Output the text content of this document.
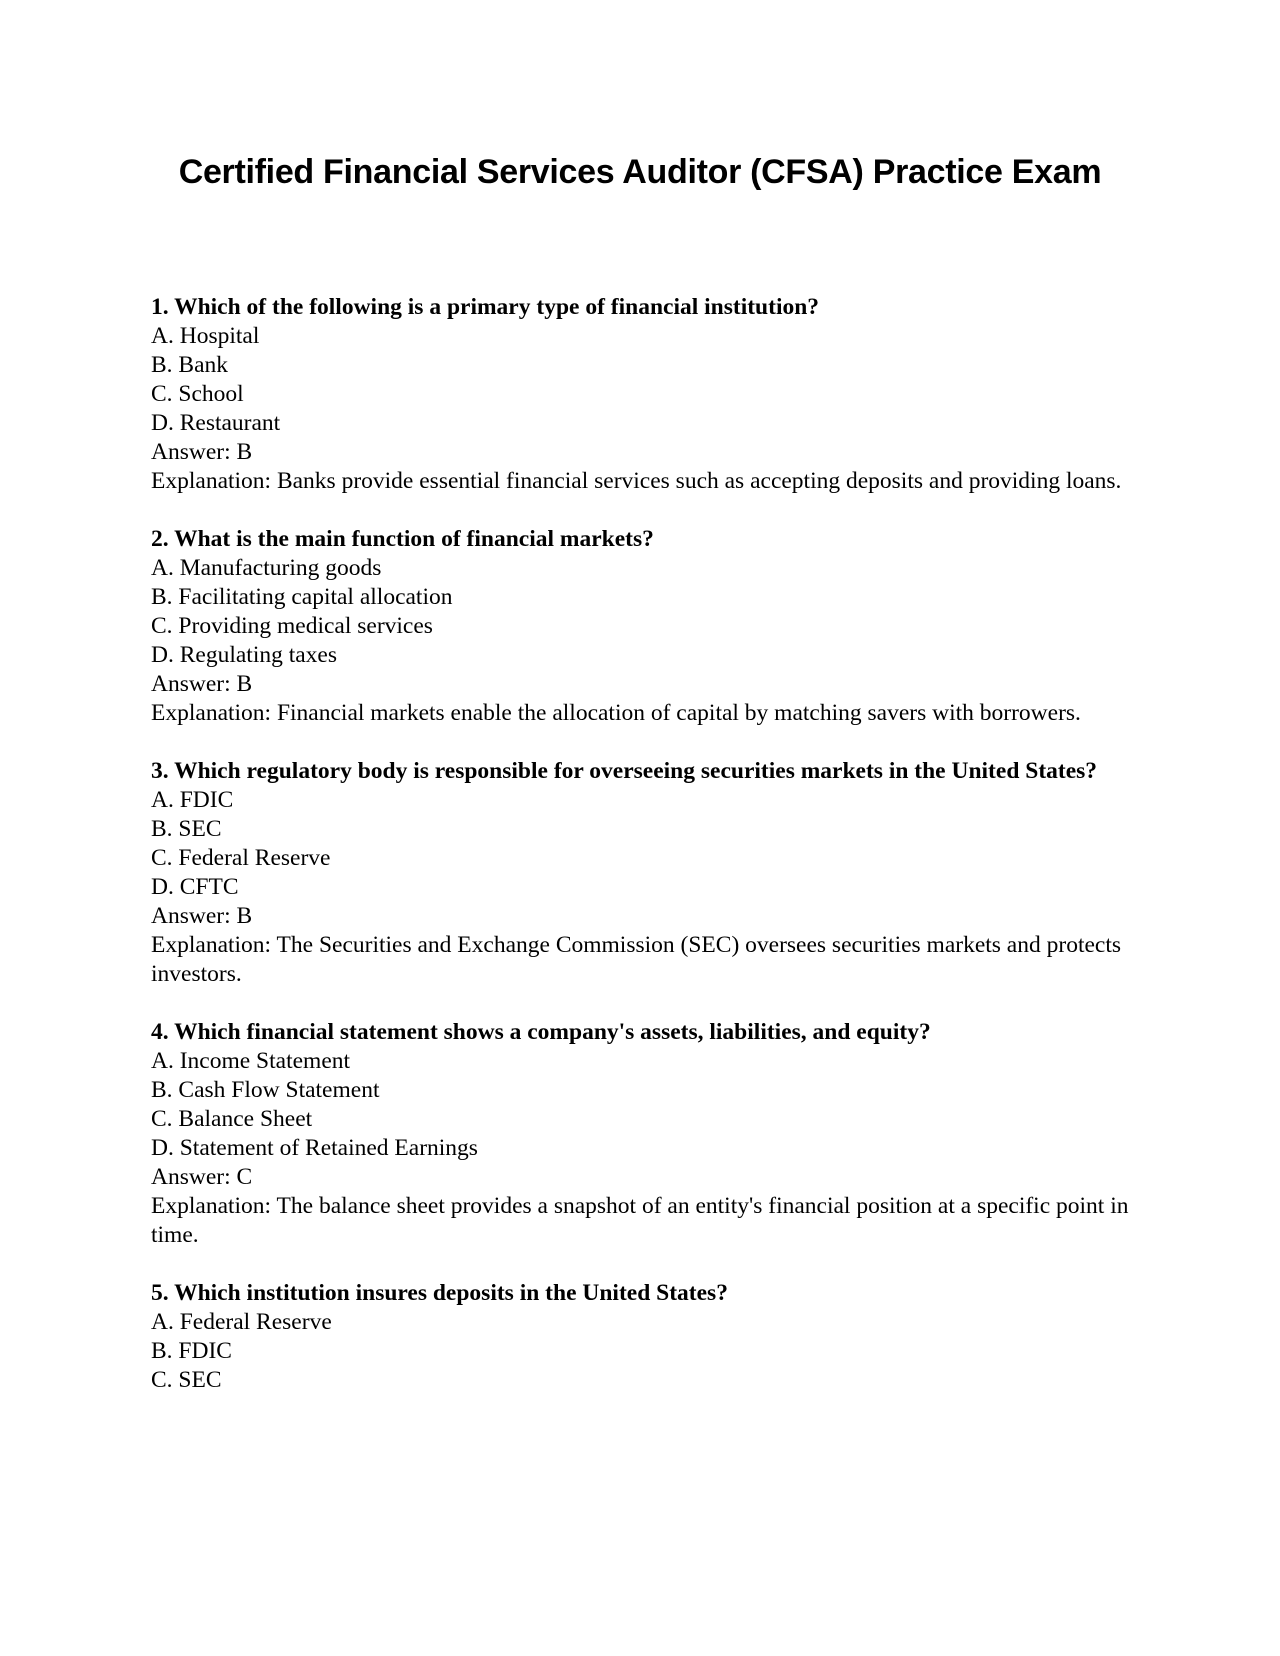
Certified Financial Services Auditor (CFSA) Practice Exam
1. Which of the following is a primary type of financial institution?
A. Hospital
B. Bank
C. School
D. Restaurant
Answer: B
Explanation: Banks provide essential financial services such as accepting deposits and providing loans.
2. What is the main function of financial markets?
A. Manufacturing goods
B. Facilitating capital allocation
C. Providing medical services
D. Regulating taxes
Answer: B
Explanation: Financial markets enable the allocation of capital by matching savers with borrowers.
3. Which regulatory body is responsible for overseeing securities markets in the United States?
A. FDIC
B. SEC
C. Federal Reserve
D. CFTC
Answer: B
Explanation: The Securities and Exchange Commission (SEC) oversees securities markets and protects investors.
4. Which financial statement shows a company's assets, liabilities, and equity?
A. Income Statement
B. Cash Flow Statement
C. Balance Sheet
D. Statement of Retained Earnings
Answer: C
Explanation: The balance sheet provides a snapshot of an entity's financial position at a specific point in time.
5. Which institution insures deposits in the United States?
A. Federal Reserve
B. FDIC
C. SEC
